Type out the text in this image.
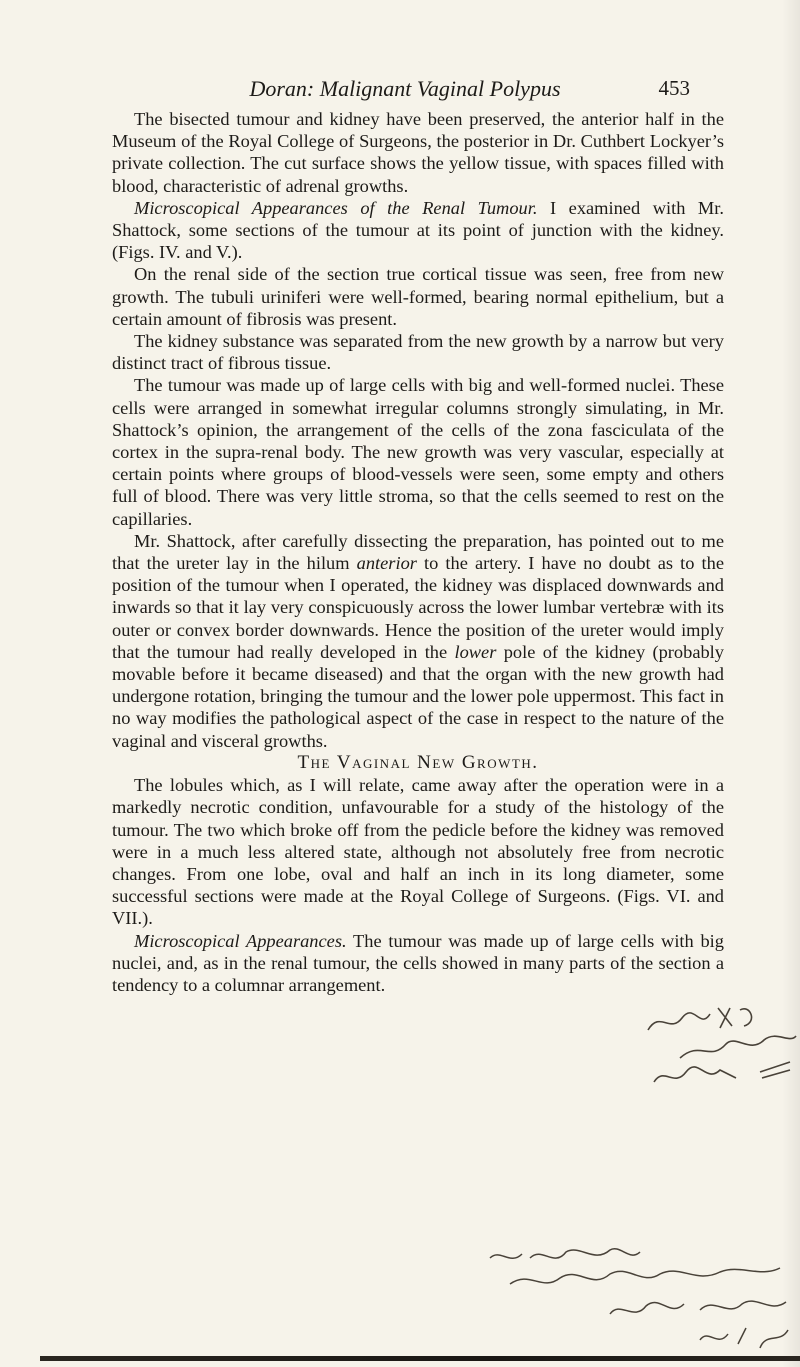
Doran: Malignant Vaginal Polypus	453

The bisected tumour and kidney have been preserved, the anterior half in the Museum of the Royal College of Surgeons, the posterior in Dr. Cuthbert Lockyer’s private collection. The cut surface shows the yellow tissue, with spaces filled with blood, characteristic of adrenal growths.

Microscopical Appearances of the Renal Tumour. I examined with Mr. Shattock, some sections of the tumour at its point of junction with the kidney. (Figs. IV. and V.).

On the renal side of the section true cortical tissue was seen, free from new growth. The tubuli uriniferi were well-formed, bearing normal epithelium, but a certain amount of fibrosis was present.

The kidney substance was separated from the new growth by a narrow but very distinct tract of fibrous tissue.

The tumour was made up of large cells with big and well-formed nuclei. These cells were arranged in somewhat irregular columns strongly simulating, in Mr. Shattock’s opinion, the arrangement of the cells of the zona fasciculata of the cortex in the supra-renal body. The new growth was very vascular, especially at certain points where groups of blood-vessels were seen, some empty and others full of blood. There was very little stroma, so that the cells seemed to rest on the capillaries.

Mr. Shattock, after carefully dissecting the preparation, has pointed out to me that the ureter lay in the hilum anterior to the artery. I have no doubt as to the position of the tumour when I operated, the kidney was displaced downwards and inwards so that it lay very conspicuously across the lower lumbar vertebræ with its outer or convex border downwards. Hence the position of the ureter would imply that the tumour had really developed in the lower pole of the kidney (probably movable before it became diseased) and that the organ with the new growth had undergone rotation, bringing the tumour and the lower pole uppermost. This fact in no way modifies the pathological aspect of the case in respect to the nature of the vaginal and visceral growths.

The Vaginal New Growth.

The lobules which, as I will relate, came away after the operation were in a markedly necrotic condition, unfavourable for a study of the histology of the tumour. The two which broke off from the pedicle before the kidney was removed were in a much less altered state, although not absolutely free from necrotic changes. From one lobe, oval and half an inch in its long diameter, some successful sections were made at the Royal College of Surgeons. (Figs. VI. and VII.).

Microscopical Appearances. The tumour was made up of large cells with big nuclei, and, as in the renal tumour, the cells showed in many parts of the section a tendency to a columnar arrangement.
